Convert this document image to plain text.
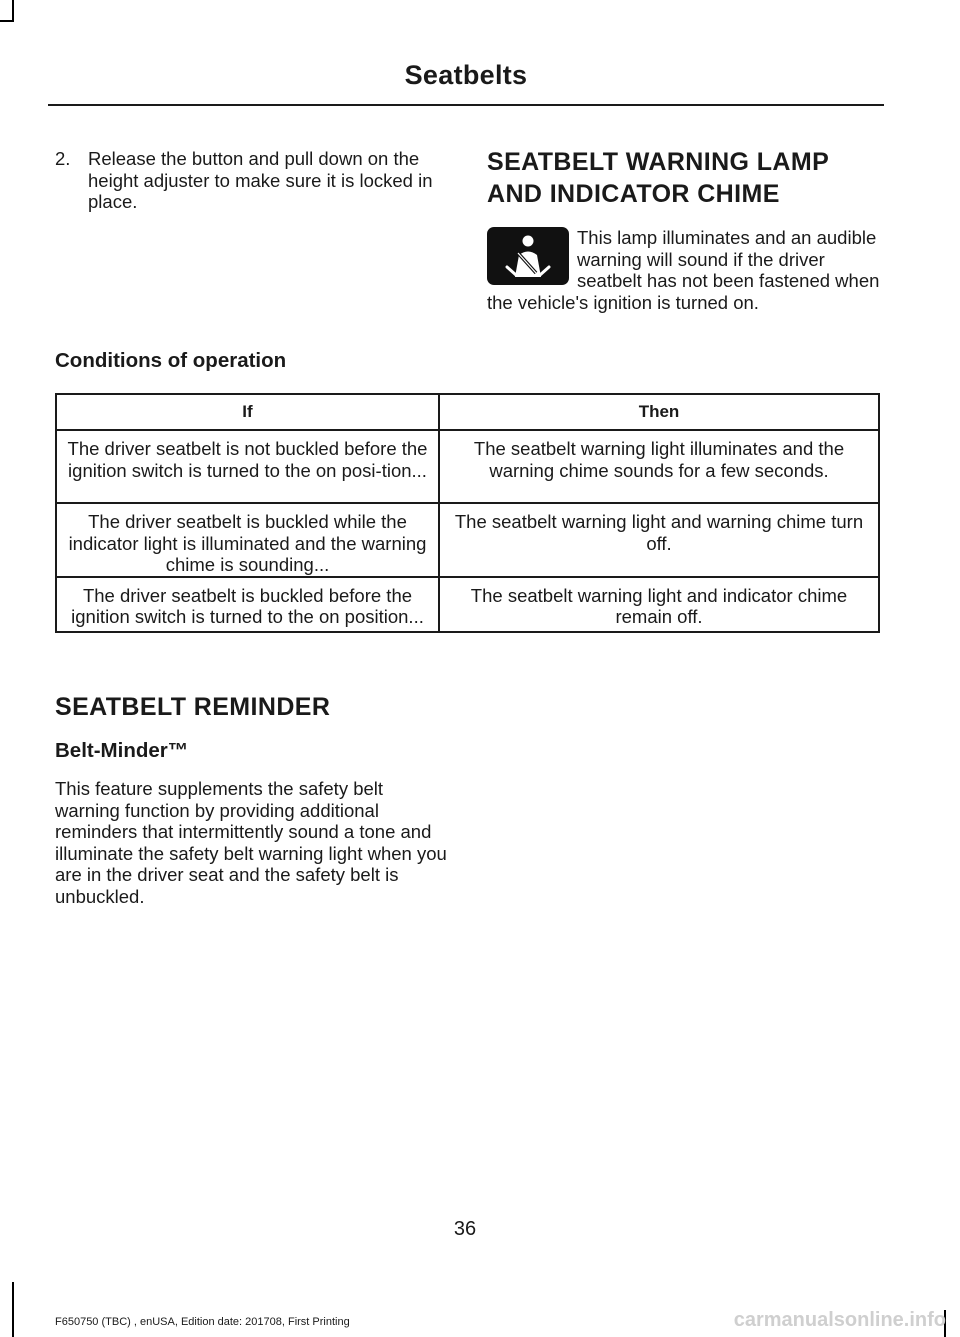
Seatbelts
2. Release the button and pull down on the height adjuster to make sure it is locked in place.
SEATBELT WARNING LAMP
AND INDICATOR CHIME
This lamp illuminates and an audible warning will sound if the driver seatbelt has not been fastened when the vehicle's ignition is turned on.
Conditions of operation
If	Then
The driver seatbelt is not buckled before the ignition switch is turned to the on posi-tion...	The seatbelt warning light illuminates and the warning chime sounds for a few seconds.
The driver seatbelt is buckled while the indicator light is illuminated and the warning chime is sounding...	The seatbelt warning light and warning chime turn off.
The driver seatbelt is buckled before the ignition switch is turned to the on position...	The seatbelt warning light and indicator chime remain off.
SEATBELT REMINDER
Belt-Minder™
This feature supplements the safety belt warning function by providing additional reminders that intermittently sound a tone and illuminate the safety belt warning light when you are in the driver seat and the safety belt is unbuckled.
36
F650750 (TBC) , enUSA, Edition date: 201708, First Printing	carmanualsonline.info
